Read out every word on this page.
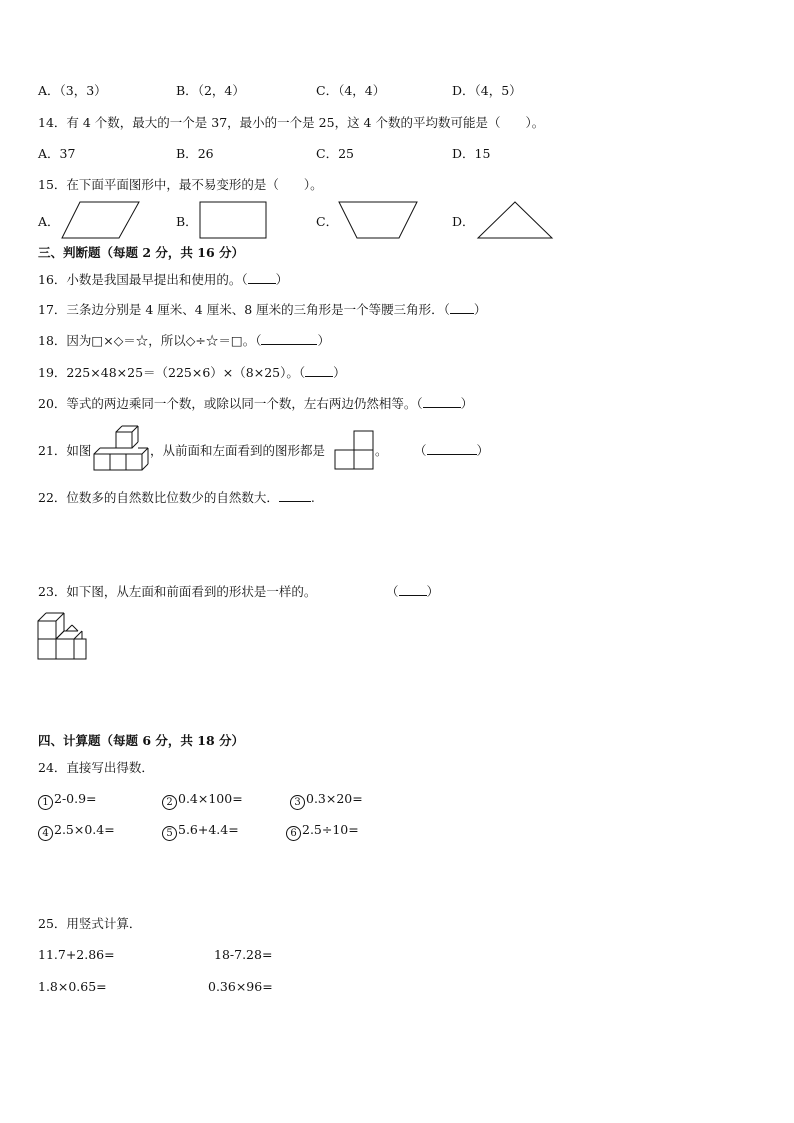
A．（3，3）	B．（2，4）	C．（4，4）	D．（4，5）
14．有 4 个数，最大的一个是 37，最小的一个是 25，这 4 个数的平均数可能是（　　）。
A．37	B．26	C．25	D．15
15．在下面平面图形中，最不易变形的是（　　）。
A．	B．	C．	D．
三、判断题（每题 2 分，共 16 分）
16．小数是我国最早提出和使用的。（ ）
17．三条边分别是 4 厘米、4 厘米、8 厘米的三角形是一个等腰三角形．（ ）
18．因为□×◇＝☆，所以◇÷☆＝□。（	）
19．225×48×25＝（225×6）×（8×25）。（ ）
20．等式的两边乘同一个数，或除以同一个数，左右两边仍然相等。（	）
21．如图	，从前面和左面看到的图形都是	。 （	）
22．位数多的自然数比位数少的自然数大．	.
23．如下图，从左面和前面看到的形状是一样的。	（ ）
四、计算题（每题 6 分，共 18 分）
24．直接写出得数．
1 2-0.9=	2 0.4×100=	3 0.3×20=
4 2.5×0.4=	5 5.6+4.4=	6 2.5÷10=
25．用竖式计算．
11.7+2.86=	18-7.28=
1.8×0.65=	0.36×96=
